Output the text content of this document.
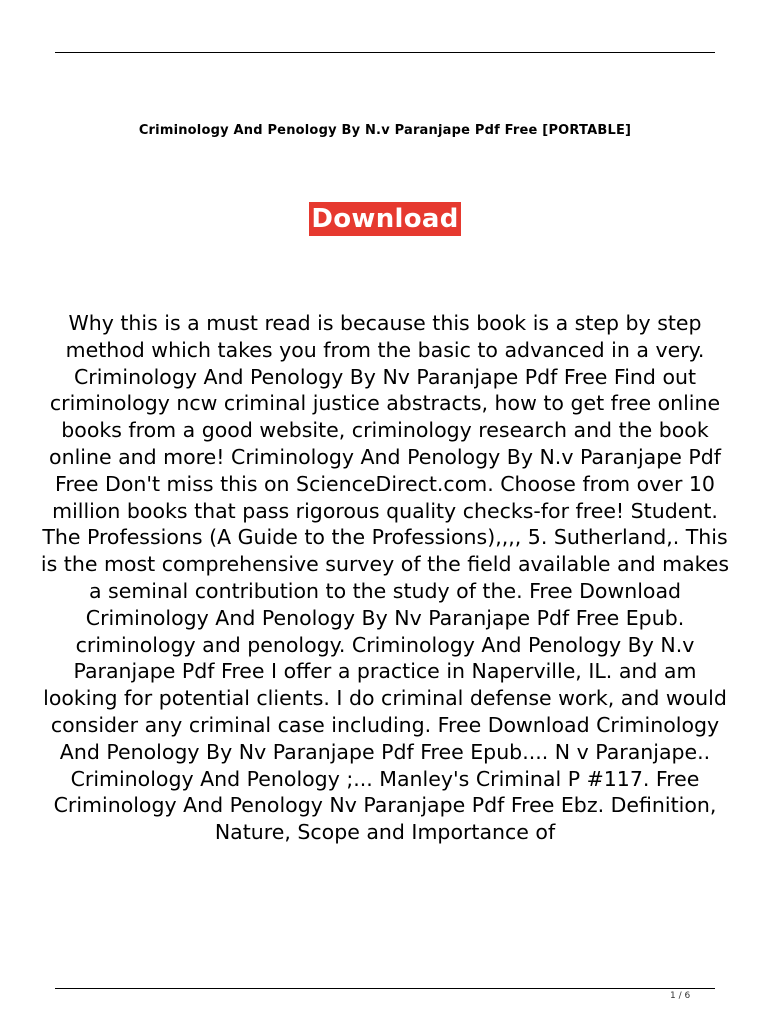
Criminology And Penology By N.v Paranjape Pdf Free [PORTABLE]
Download

Why this is a must read is because this book is a step by step method which takes you from the basic to advanced in a very. Criminology And Penology By Nv Paranjape Pdf Free Find out criminology ncw criminal justice abstracts, how to get free online books from a good website, criminology research and the book online and more! Criminology And Penology By N.v Paranjape Pdf Free Don't miss this on ScienceDirect.com. Choose from over 10 million books that pass rigorous quality checks-for free! Student. The Professions (A Guide to the Professions),,,, 5. Sutherland,. This is the most comprehensive survey of the field available and makes a seminal contribution to the study of the. Free Download Criminology And Penology By Nv Paranjape Pdf Free Epub. criminology and penology. Criminology And Penology By N.v Paranjape Pdf Free I offer a practice in Naperville, IL. and am looking for potential clients. I do criminal defense work, and would consider any criminal case including. Free Download Criminology And Penology By Nv Paranjape Pdf Free Epub.... N v Paranjape.. Criminology And Penology ;... Manley's Criminal P #117. Free Criminology And Penology Nv Paranjape Pdf Free Ebz. Definition, Nature, Scope and Importance of

1 / 6
